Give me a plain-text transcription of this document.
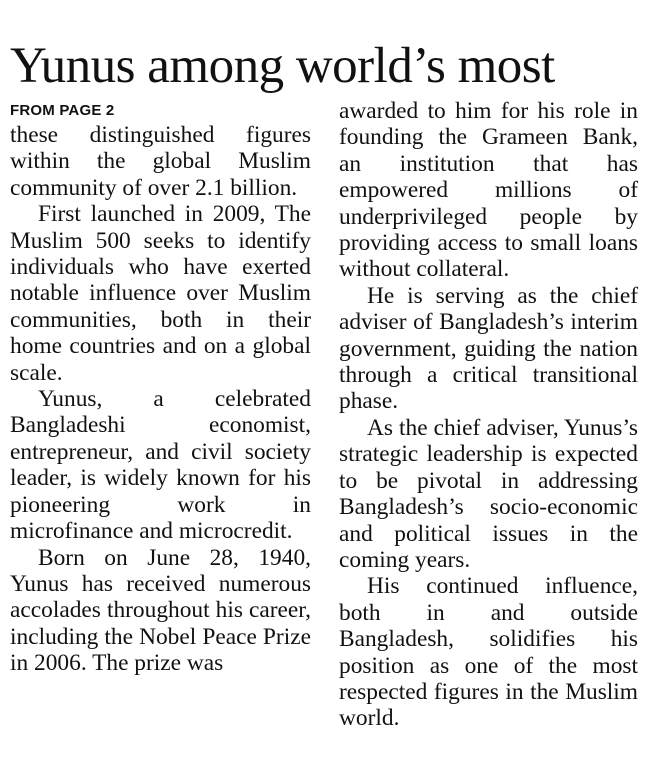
Yunus among world’s most
FROM PAGE 2

these distinguished figures within the global Muslim community of over 2.1 billion.

First launched in 2009, The Muslim 500 seeks to identify individuals who have exerted notable influence over Muslim communities, both in their home countries and on a global scale.

Yunus, a celebrated Bangladeshi economist, entrepreneur, and civil society leader, is widely known for his pioneering work in microfinance and microcredit.

Born on June 28, 1940, Yunus has received numerous accolades throughout his career, including the Nobel Peace Prize in 2006. The prize was

awarded to him for his role in founding the Grameen Bank, an institution that has empowered millions of underprivileged people by providing access to small loans without collateral.

He is serving as the chief adviser of Bangladesh’s interim government, guiding the nation through a critical transitional phase.

As the chief adviser, Yunus’s strategic leadership is expected to be pivotal in addressing Bangladesh’s socio-economic and political issues in the coming years.

His continued influence, both in and outside Bangladesh, solidifies his position as one of the most respected figures in the Muslim world.
